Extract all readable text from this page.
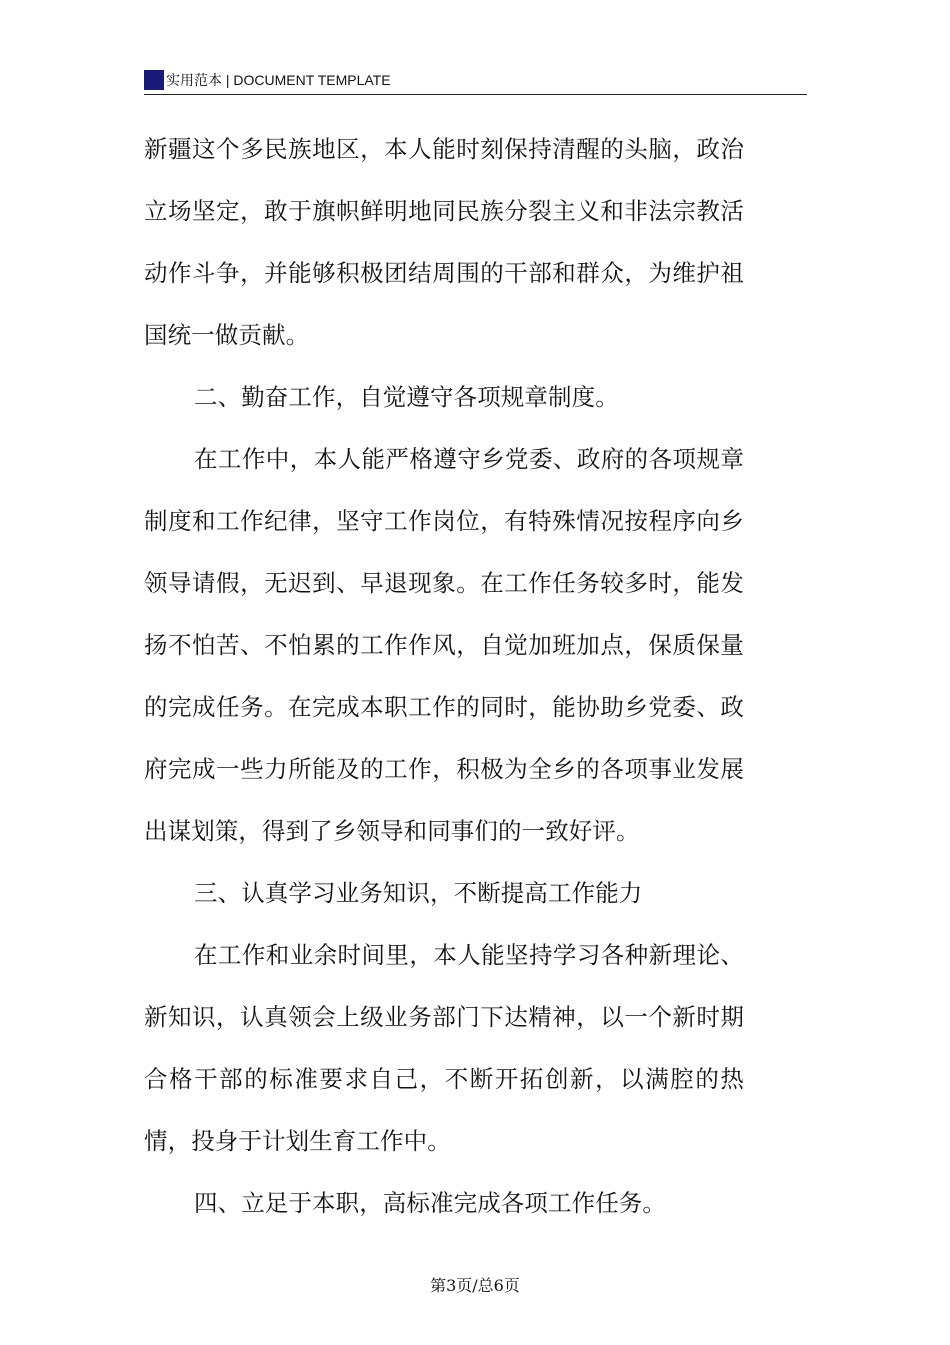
实用范本 | DOCUMENT TEMPLATE

新疆这个多民族地区，本人能时刻保持清醒的头脑，政治立场坚定，敢于旗帜鲜明地同民族分裂主义和非法宗教活动作斗争，并能够积极团结周围的干部和群众，为维护祖国统一做贡献。

二、勤奋工作，自觉遵守各项规章制度。

在工作中，本人能严格遵守乡党委、政府的各项规章制度和工作纪律，坚守工作岗位，有特殊情况按程序向乡领导请假，无迟到、早退现象。在工作任务较多时，能发扬不怕苦、不怕累的工作作风，自觉加班加点，保质保量的完成任务。在完成本职工作的同时，能协助乡党委、政府完成一些力所能及的工作，积极为全乡的各项事业发展出谋划策，得到了乡领导和同事们的一致好评。

三、认真学习业务知识，不断提高工作能力

在工作和业余时间里，本人能坚持学习各种新理论、新知识，认真领会上级业务部门下达精神，以一个新时期合格干部的标准要求自己，不断开拓创新，以满腔的热情，投身于计划生育工作中。

四、立足于本职，高标准完成各项工作任务。

第3页/总6页
